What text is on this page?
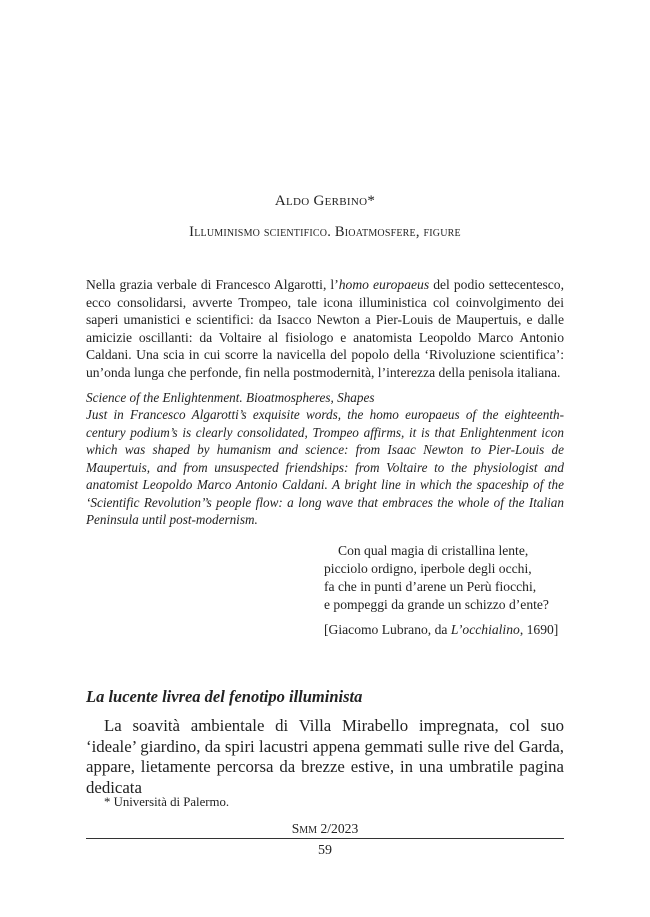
Aldo Gerbino*
Illuminismo scientifico. Bioatmosfere, figure

Nella grazia verbale di Francesco Algarotti, l’homo europaeus del podio settecentesco, ecco consolidarsi, avverte Trompeo, tale icona illuministica col coinvolgimento dei saperi umanistici e scientifici: da Isacco Newton a Pier-Louis de Maupertuis, e dalle amicizie oscillanti: da Voltaire al fisiologo e anatomista Leopoldo Marco Antonio Caldani. Una scia in cui scorre la navicella del popolo della ‘Rivoluzione scientifica’: un’onda lunga che perfonde, fin nella postmodernità, l’interezza della penisola italiana.

Science of the Enlightenment. Bioatmospheres, Shapes

Just in Francesco Algarotti’s exquisite words, the homo europaeus of the eighteenth-century podium’s is clearly consolidated, Trompeo affirms, it is that Enlightenment icon which was shaped by humanism and science: from Isaac Newton to Pier-Louis de Maupertuis, and from unsuspected friendships: from Voltaire to the physiologist and anatomist Leopoldo Marco Antonio Caldani. A bright line in which the spaceship of the ‘Scientific Revolution’’s people flow: a long wave that embraces the whole of the Italian Peninsula until post-modernism.

Con qual magia di cristallina lente,
picciolo ordigno, iperbole degli occhi,
fa che in punti d’arene un Perù fiocchi,
e pompeggi da grande un schizzo d’ente?
[Giacomo Lubrano, da L’occhialino, 1690]
La lucente livrea del fenotipo illuminista

La soavità ambientale di Villa Mirabello impregnata, col suo ‘ideale’ giardino, da spiri lacustri appena gemmati sulle rive del Garda, appare, lietamente percorsa da brezze estive, in una umbratile pagina dedicata

* Università di Palermo.

Smm 2/2023
59
